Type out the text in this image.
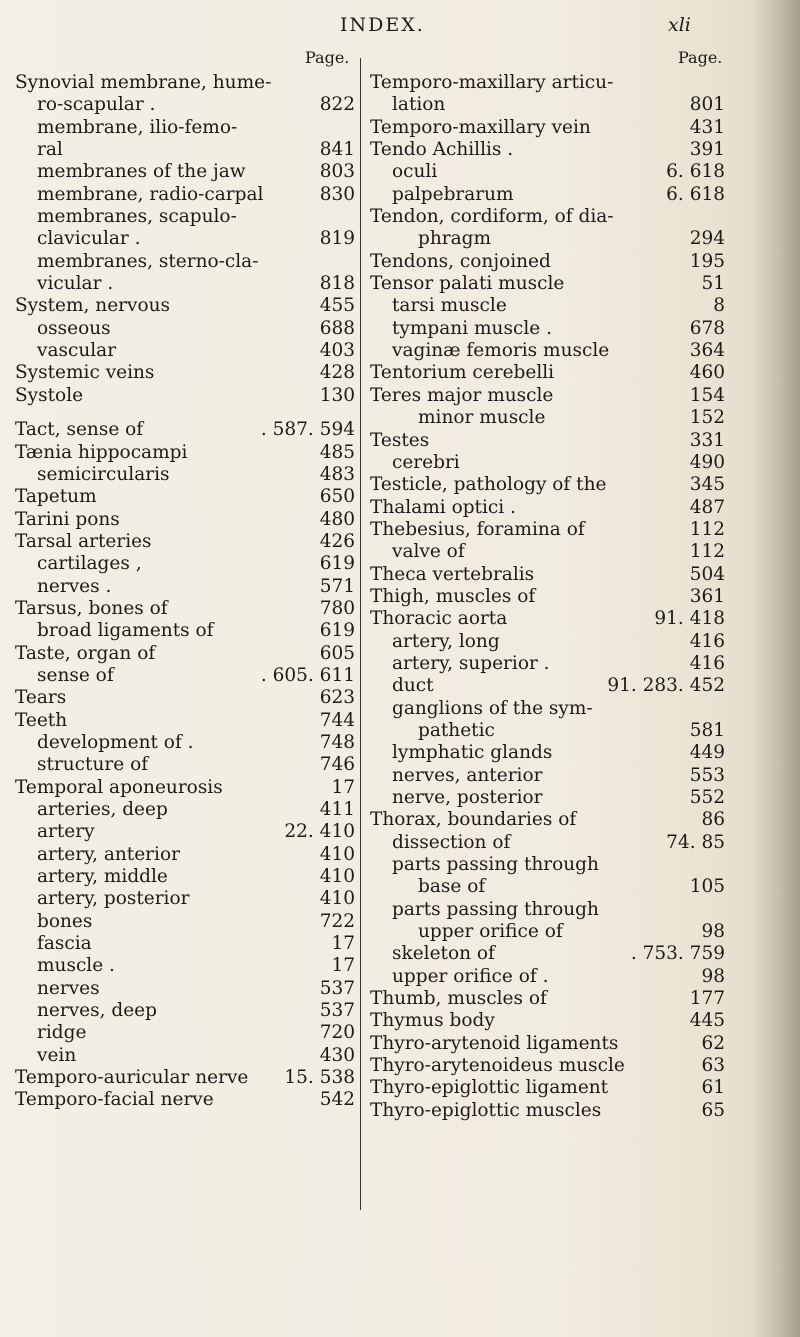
INDEX.	xli
Page.	Page.
Synovial membrane, hume-
ro-scapular .	822
membrane, ilio-femo-
ral	841
membranes of the jaw	803
membrane, radio-carpal	830
membranes, scapulo-
clavicular .	819
membranes, sterno-cla-
vicular .	818
System, nervous	455
osseous	688
vascular	403
Systemic veins	428
Systole	130
Tact, sense of	. 587. 594
Tænia hippocampi	485
semicircularis	483
Tapetum	650
Tarini pons	480
Tarsal arteries	426
cartilages ,	619
nerves .	571
Tarsus, bones of	780
broad ligaments of	619
Taste, organ of	605
sense of	. 605. 611
Tears	623
Teeth	744
development of .	748
structure of	746
Temporal aponeurosis	17
arteries, deep	411
artery	22. 410
artery, anterior	410
artery, middle	410
artery, posterior	410
bones	722
fascia	17
muscle .	17
nerves	537
nerves, deep	537
ridge	720
vein	430
Temporo-auricular nerve 15. 538
Temporo-facial nerve	542
Temporo-maxillary articu-
lation	801
Temporo-maxillary vein	431
Tendo Achillis .	391
oculi	6. 618
palpebrarum	6. 618
Tendon, cordiform, of dia-
phragm	294
Tendons, conjoined	195
Tensor palati muscle	51
tarsi muscle	8
tympani muscle .	678
vaginæ femoris muscle	364
Tentorium cerebelli	460
Teres major muscle	154
minor muscle	152
Testes	331
cerebri	490
Testicle, pathology of the	345
Thalami optici .	487
Thebesius, foramina of	112
valve of	112
Theca vertebralis	504
Thigh, muscles of	361
Thoracic aorta	91. 418
artery, long	416
artery, superior .	416
duct	91. 283. 452
ganglions of the sym-
pathetic	581
lymphatic glands	449
nerves, anterior	553
nerve, posterior	552
Thorax, boundaries of	86
dissection of	74. 85
parts passing through
base of	105
parts passing through
upper orifice of	98
skeleton of	. 753. 759
upper orifice of .	98
Thumb, muscles of	177
Thymus body	445
Thyro-arytenoid ligaments	62
Thyro-arytenoideus muscle	63
Thyro-epiglottic ligament	61
Thyro-epiglottic muscles	65
